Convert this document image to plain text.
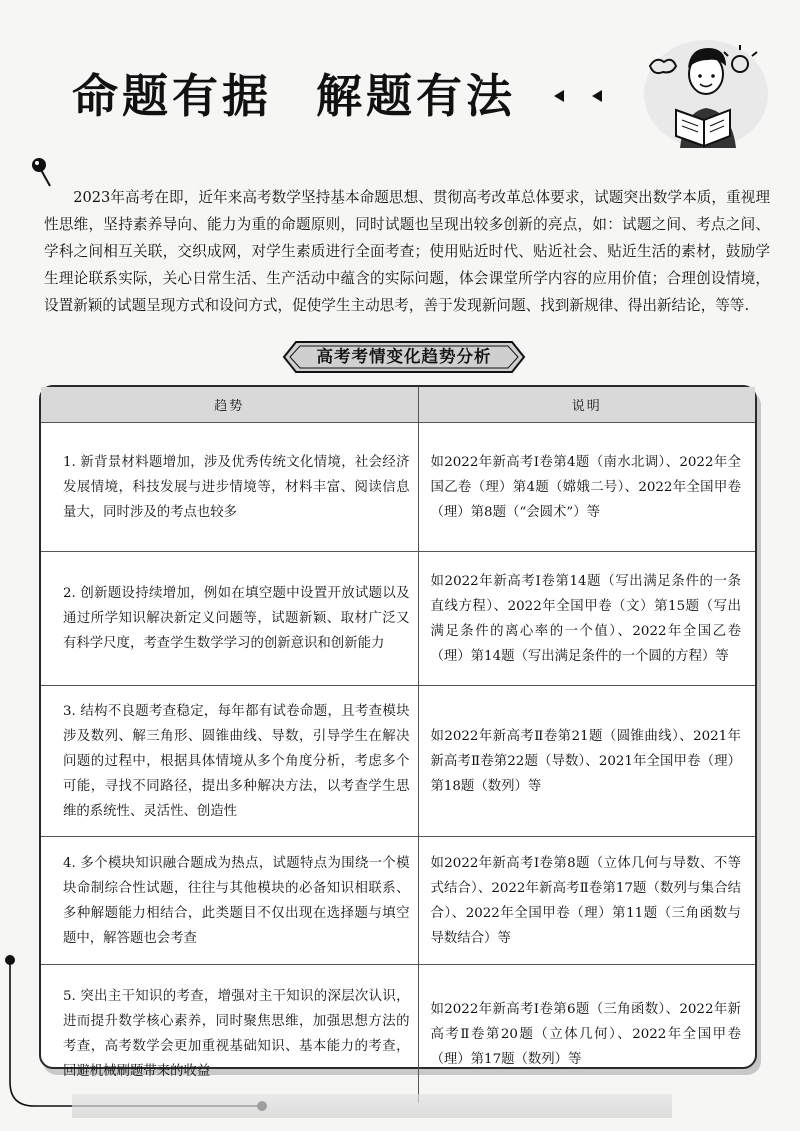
命题有据 解题有法

2023年高考在即，近年来高考数学坚持基本命题思想、贯彻高考改革总体要求，试题突出数学本质，重视理性思维，坚持素养导向、能力为重的命题原则，同时试题也呈现出较多创新的亮点，如：试题之间、考点之间、学科之间相互关联，交织成网，对学生素质进行全面考查；使用贴近时代、贴近社会、贴近生活的素材，鼓励学生理论联系实际，关心日常生活、生产活动中蕴含的实际问题，体会课堂所学内容的应用价值；合理创设情境，设置新颖的试题呈现方式和设问方式，促使学生主动思考，善于发现新问题、找到新规律、得出新结论，等等.

高考考情变化趋势分析
趋势	说明
1. 新背景材料题增加，涉及优秀传统文化情境，社会经济发展情境，科技发展与进步情境等，材料丰富、阅读信息量大，同时涉及的考点也较多	如2022年新高考Ⅰ卷第4题（南水北调）、2022年全国乙卷（理）第4题（嫦娥二号）、2022年全国甲卷（理）第8题（“会圆术”）等
2. 创新题设持续增加，例如在填空题中设置开放试题以及通过所学知识解决新定义问题等，试题新颖、取材广泛又有科学尺度，考查学生数学学习的创新意识和创新能力	如2022年新高考Ⅰ卷第14题（写出满足条件的一条直线方程）、2022年全国甲卷（文）第15题（写出满足条件的离心率的一个值）、2022年全国乙卷（理）第14题（写出满足条件的一个圆的方程）等
3. 结构不良题考查稳定，每年都有试卷命题，且考查模块涉及数列、解三角形、圆锥曲线、导数，引导学生在解决问题的过程中，根据具体情境从多个角度分析，考虑多个可能，寻找不同路径，提出多种解决方法，以考查学生思维的系统性、灵活性、创造性	如2022年新高考Ⅱ卷第21题（圆锥曲线）、2021年新高考Ⅱ卷第22题（导数）、2021年全国甲卷（理）第18题（数列）等
4. 多个模块知识融合题成为热点，试题特点为围绕一个模块命制综合性试题，往往与其他模块的必备知识相联系、多种解题能力相结合，此类题目不仅出现在选择题与填空题中，解答题也会考查	如2022年新高考Ⅰ卷第8题（立体几何与导数、不等式结合）、2022年新高考Ⅱ卷第17题（数列与集合结合）、2022年全国甲卷（理）第11题（三角函数与导数结合）等
5. 突出主干知识的考查，增强对主干知识的深层次认识，进而提升数学核心素养，同时聚焦思维，加强思想方法的考查，高考数学会更加重视基础知识、基本能力的考查，回避机械刷题带来的收益	如2022年新高考Ⅰ卷第6题（三角函数）、2022年新高考Ⅱ卷第20题（立体几何）、2022年全国甲卷（理）第17题（数列）等
